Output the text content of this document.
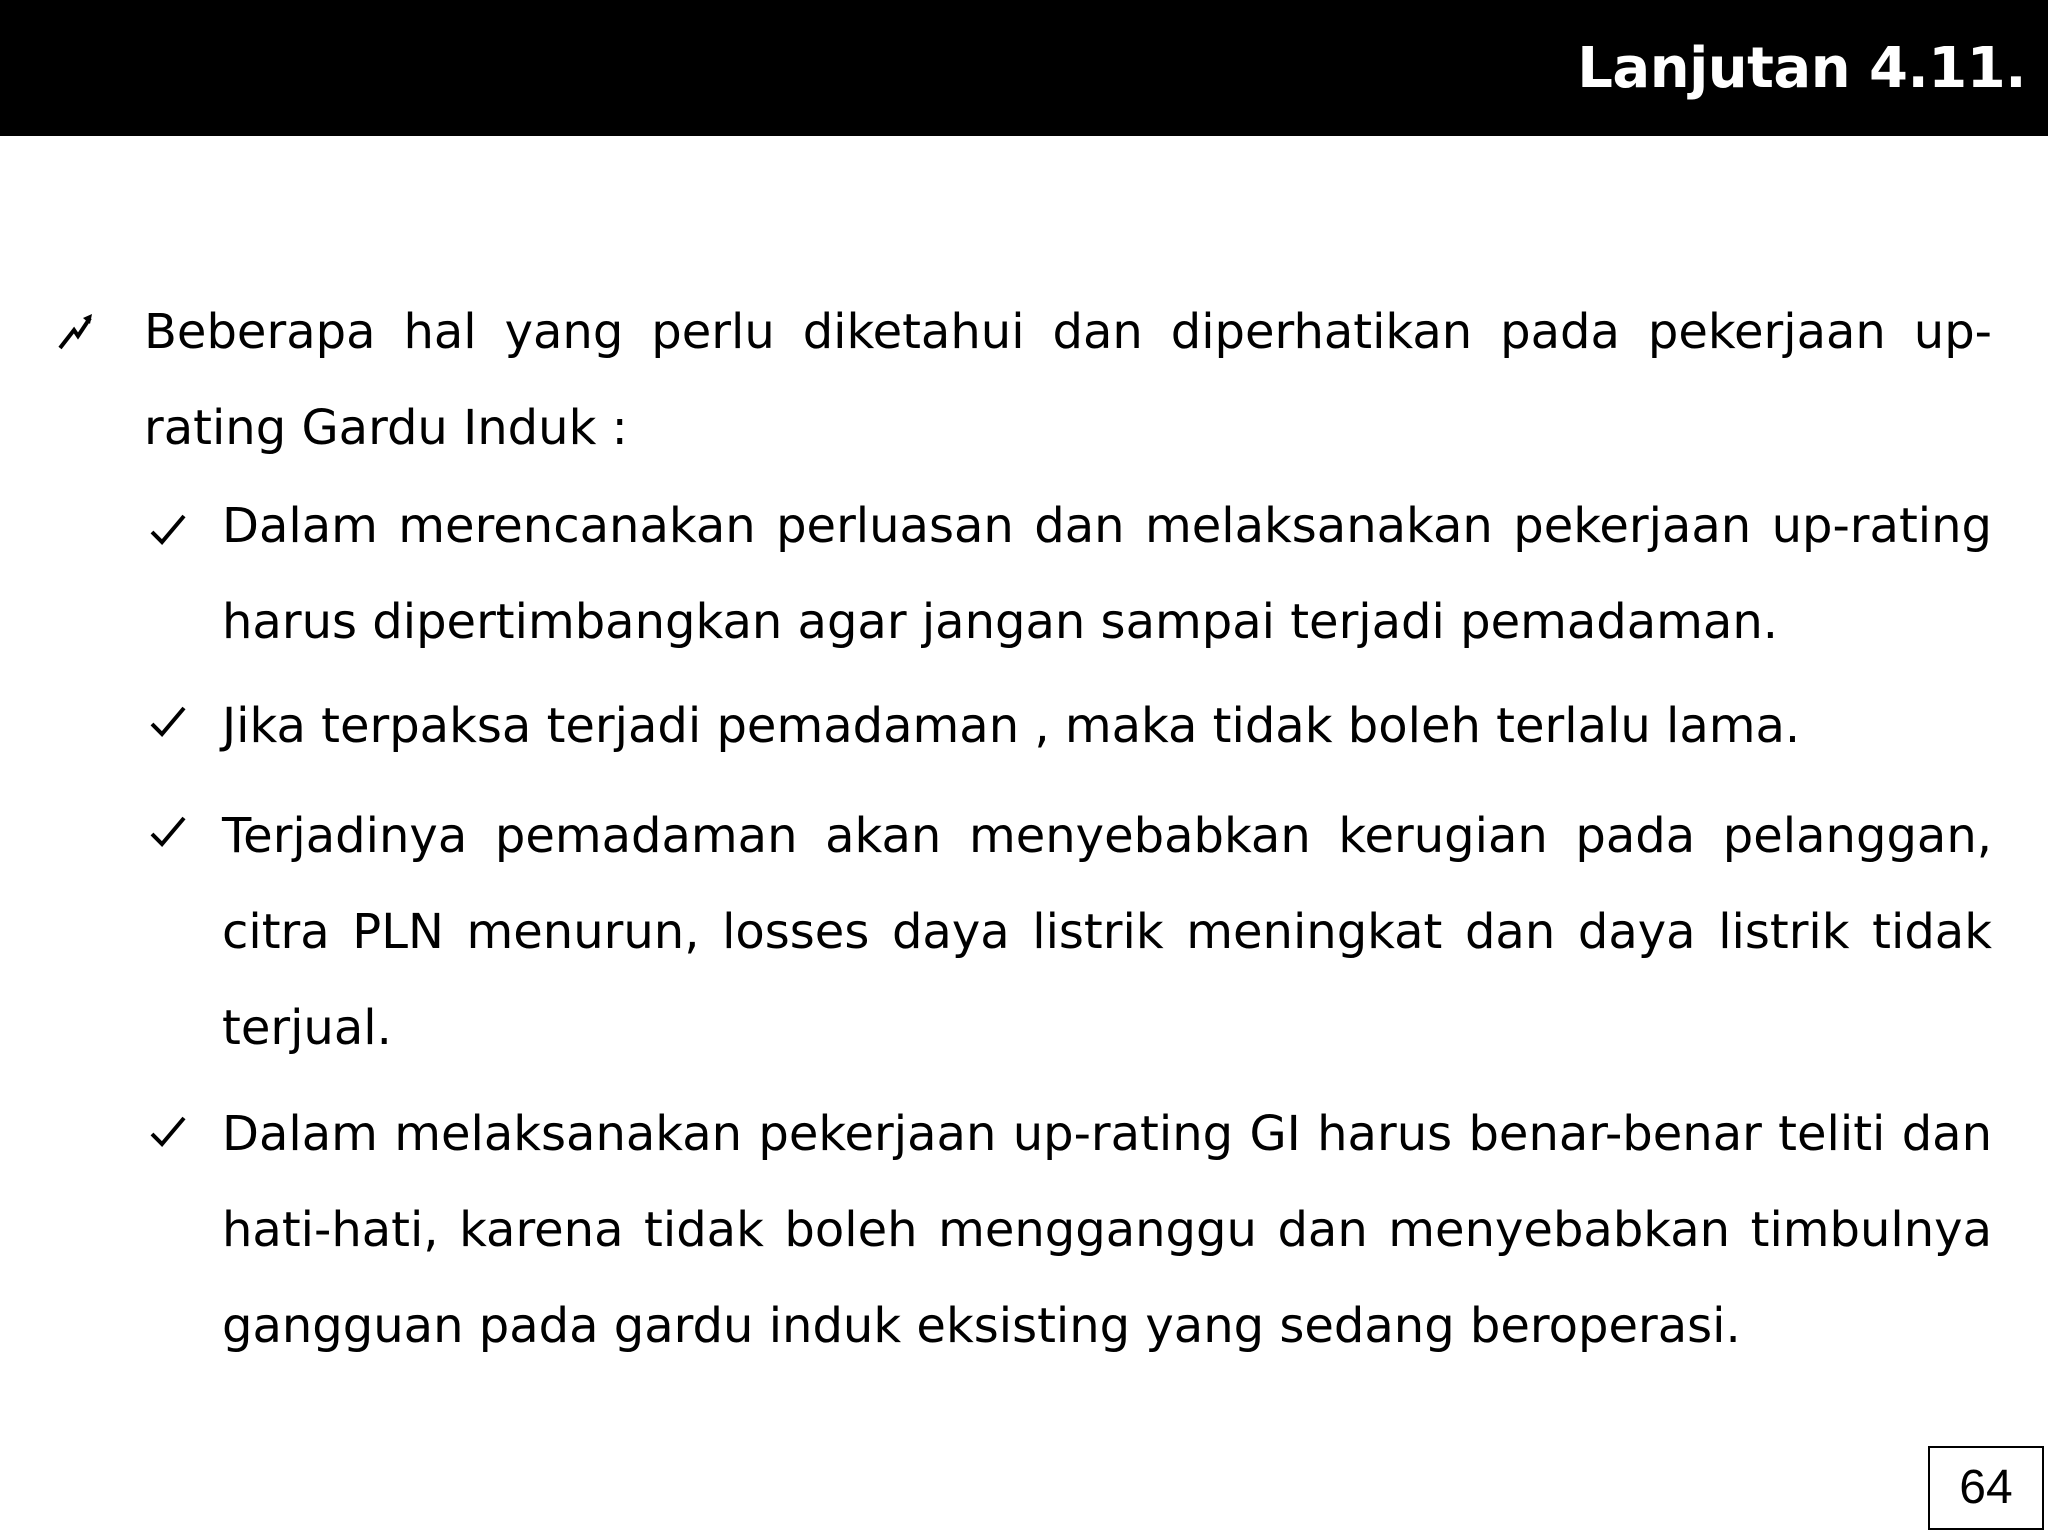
Lanjutan 4.11.
Beberapa hal yang perlu diketahui dan diperhatikan pada pekerjaan up-rating Gardu Induk :
Dalam merencanakan perluasan dan melaksanakan pekerjaan up-rating harus dipertimbangkan agar jangan sampai terjadi pemadaman.
Jika terpaksa terjadi pemadaman , maka tidak boleh terlalu lama.
Terjadinya pemadaman akan menyebabkan kerugian pada pelanggan, citra PLN menurun, losses daya listrik meningkat dan daya listrik tidak terjual.
Dalam melaksanakan pekerjaan up-rating GI harus benar-benar teliti dan hati-hati, karena tidak boleh mengganggu dan menyebabkan timbulnya gangguan pada gardu induk eksisting yang sedang beroperasi.
64
